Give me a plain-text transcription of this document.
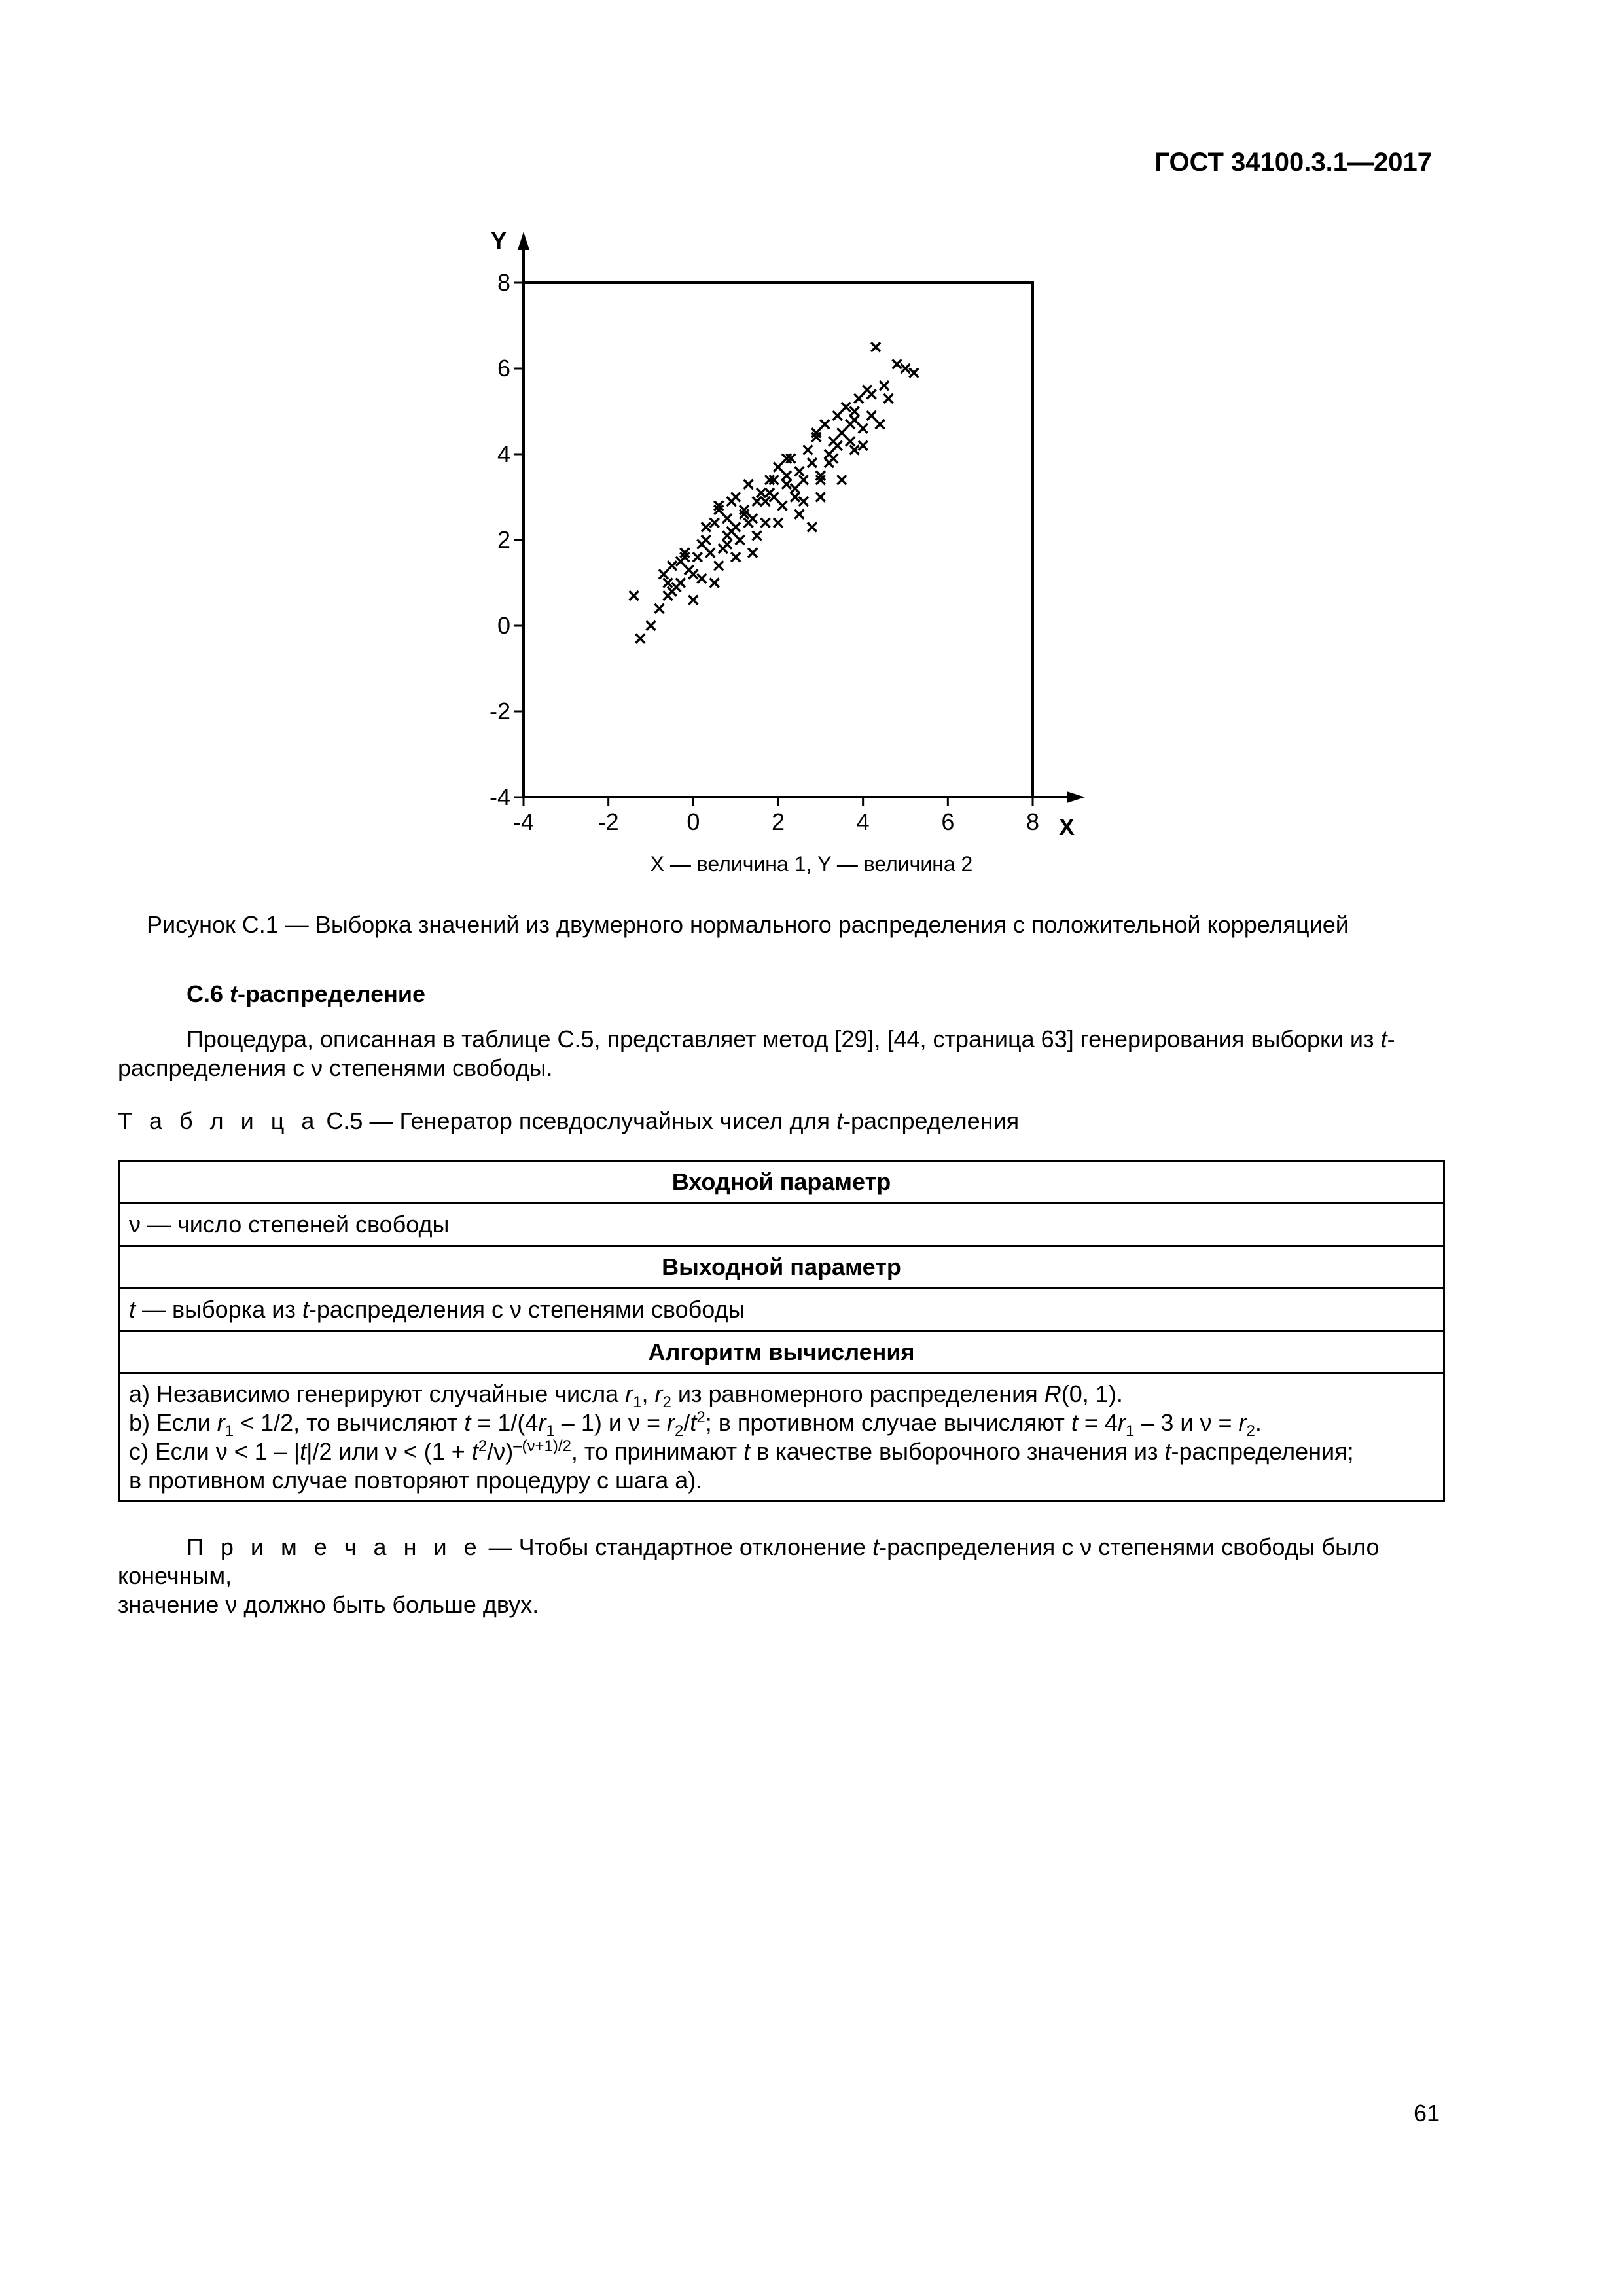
ГОСТ 34100.3.1—2017

-4	-2	0	2	4	6	8
-4
-2
0
2
4
6
8
X
Y
X — величина 1, Y — величина 2

Рисунок C.1 — Выборка значений из двумерного нормального распределения с положительной корреляцией

C.6 t-распределение

Процедура, описанная в таблице С.5, представляет метод [29], [44, страница 63] генерирования выборки из t-распределения с ν степенями свободы.

Т а б л и ц а С.5 — Генератор псевдослучайных чисел для t-распределения

Входной параметр
ν — число степеней свободы
Выходной параметр
t — выборка из t-распределения с ν степенями свободы
Алгоритм вычисления

a) Независимо генерируют случайные числа $r_1$, $r_2$ из равномерного распределения R(0, 1).
b) Если $r_1 < 1/2$, то вычисляют $t = 1/(4r_1 - 1)$ и $\nu = r_2/t^2$; в противном случае вычисляют $t = 4r_1 - 3$ и $\nu = r_2$.
c) Если ν < 1 – |t|/2 или $\nu < (1 + t^2/\nu)^{-(\nu+1)/2}$, то принимают t в качестве выборочного значения из t-распределения;
в противном случае повторяют процедуру с шага а).

П р и м е ч а н и е — Чтобы стандартное отклонение t-распределения с ν степенями свободы было конечным,
значение ν должно быть больше двух.

61
